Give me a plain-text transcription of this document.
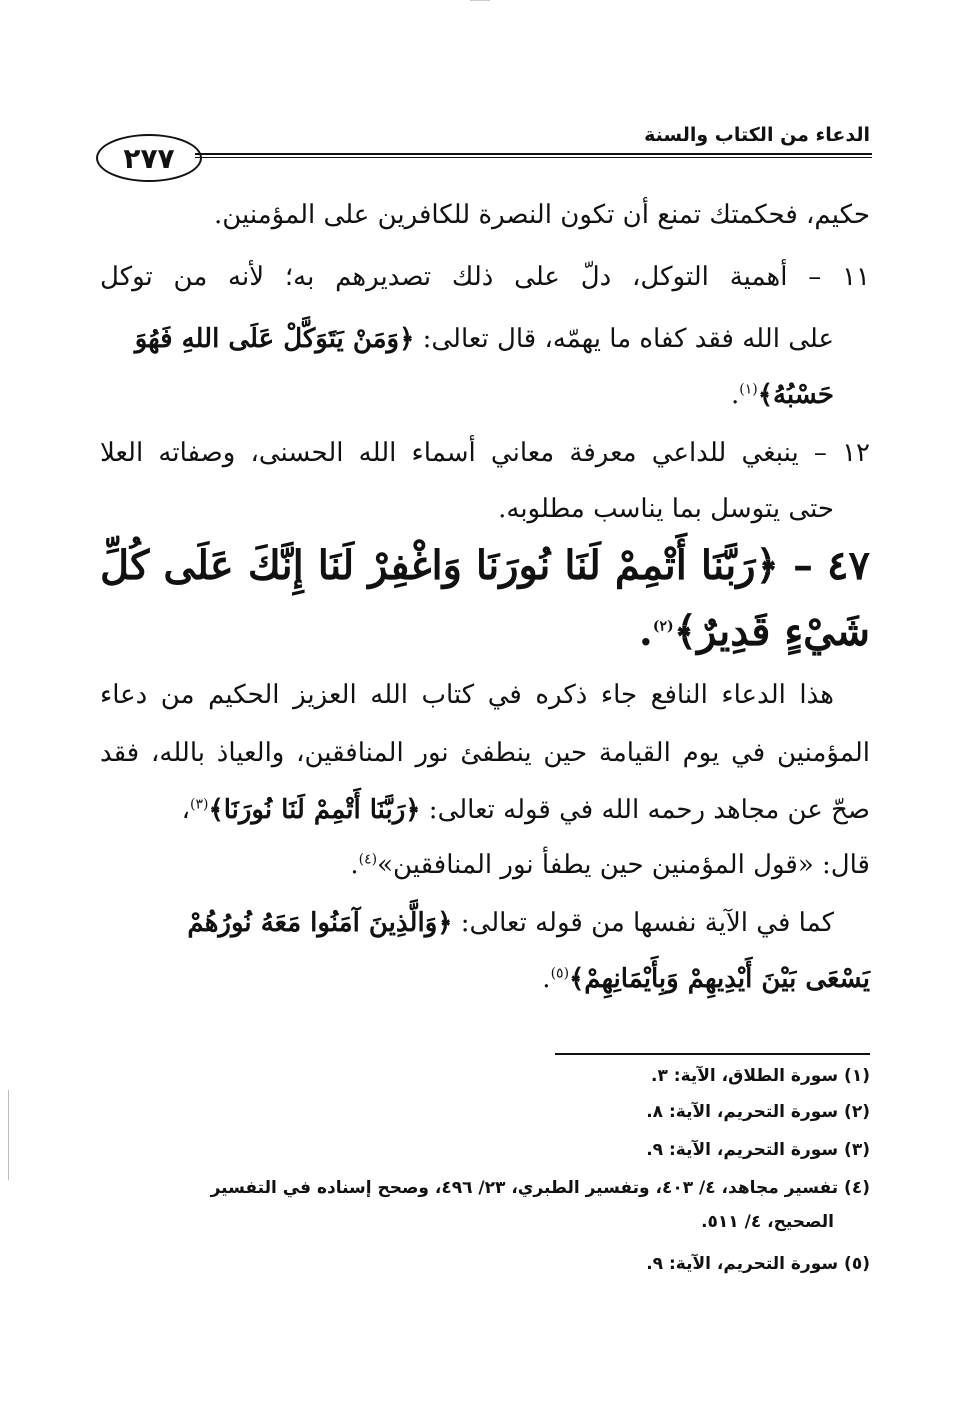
الدعاء من الكتاب والسنة
٢٧٧
حكيم، فحكمتك تمنع أن تكون النصرة للكافرين على المؤمنين.
١١ – أهمية التوكل، دلّ على ذلك تصديرهم به؛ لأنه من توكل
على الله فقد كفاه ما يهمّه، قال تعالى: ﴿وَمَنْ يَتَوَكَّلْ عَلَى اللهِ فَهُوَ
حَسْبُهُ﴾$^{(١)}$.
١٢ – ينبغي للداعي معرفة معاني أسماء الله الحسنى، وصفاته العلا
حتى يتوسل بما يناسب مطلوبه.
٤٧ – ﴿رَبَّنَا أَتْمِمْ لَنَا نُورَنَا وَاغْفِرْ لَنَا إِنَّكَ عَلَى كُلِّ
شَيْءٍ قَدِيرٌ﴾$^{(٢)}$.
هذا الدعاء النافع جاء ذكره في كتاب الله العزيز الحكيم من دعاء
المؤمنين في يوم القيامة حين ينطفئ نور المنافقين، والعياذ بالله، فقد
صحّ عن مجاهد رحمه الله في قوله تعالى: ﴿رَبَّنَا أَتْمِمْ لَنَا نُورَنَا﴾$^{(٣)}$،
قال: «قول المؤمنين حين يطفأ نور المنافقين»$^{(٤)}$.
كما في الآية نفسها من قوله تعالى: ﴿وَالَّذِينَ آمَنُوا مَعَهُ نُورُهُمْ
يَسْعَى بَيْنَ أَيْدِيهِمْ وَبِأَيْمَانِهِمْ﴾$^{(٥)}$.
(١) سورة الطلاق، الآية: ٣.
(٢) سورة التحريم، الآية: ٨.
(٣) سورة التحريم، الآية: ٩.
(٤) تفسير مجاهد، ٤/ ٤٠٣، وتفسير الطبري، ٢٣/ ٤٩٦، وصحح إسناده في التفسير
الصحيح، ٤/ ٥١١.
(٥) سورة التحريم، الآية: ٩.
